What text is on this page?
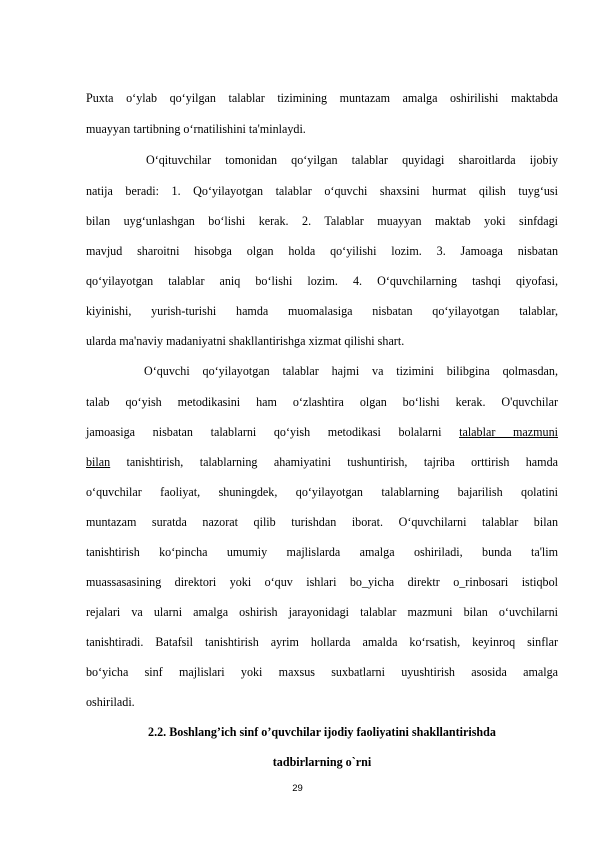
Puxta o‘ylab qo‘yilgan talablar tizimining muntazam amalga oshirilishi maktabda
muayyan tartibning o‘rnatilishini ta'minlaydi.
O‘qituvchilar tomonidan qo‘yilgan talablar quyidagi sharoitlarda ijobiy
natija beradi: 1. Qo‘yilayotgan talablar o‘quvchi shaxsini hurmat qilish tuyg‘usi
bilan uyg‘unlashgan bo‘lishi kerak. 2. Talablar muayyan maktab yoki sinfdagi
mavjud sharoitni hisobga olgan holda qo‘yilishi lozim. 3. Jamoaga nisbatan
qo‘yilayotgan talablar aniq bo‘lishi lozim. 4. O‘quvchilarning tashqi qiyofasi,
kiyinishi, yurish-turishi hamda muomalasiga nisbatan qo‘yilayotgan talablar,
ularda ma'naviy madaniyatni shakllantirishga xizmat qilishi shart.
O‘quvchi qo‘yilayotgan talablar hajmi va tizimini bilibgina qolmasdan,
talab qo‘yish metodikasini ham o‘zlashtira olgan bo‘lishi kerak. O'quvchilar
jamoasiga nisbatan talablarni qo‘yish metodikasi bolalarni talablar mazmuni
bilan tanishtirish, talablarning ahamiyatini tushuntirish, tajriba orttirish hamda
o‘quvchilar faoliyat, shuningdek, qo‘yilayotgan talablarning bajarilish qolatini
muntazam suratda nazorat qilib turishdan iborat. O‘quvchilarni talablar bilan
tanishtirish ko‘pincha umumiy majlislarda amalga oshiriladi, bunda ta'lim
muassasasining direktori yoki o‘quv ishlari bo_yicha direktr o_rinbosari istiqbol
rejalari va ularni amalga oshirish jarayonidagi talablar mazmuni bilan o‘uvchilarni
tanishtiradi. Batafsil tanishtirish ayrim hollarda amalda ko‘rsatish, keyinroq sinflar
bo‘yicha sinf majlislari yoki maxsus suxbatlarni uyushtirish asosida amalga
oshiriladi.
2.2. Boshlang’ich sinf o’quvchilar ijodiy faoliyatini shakllantirishda
tadbirlarning o`rni
29
